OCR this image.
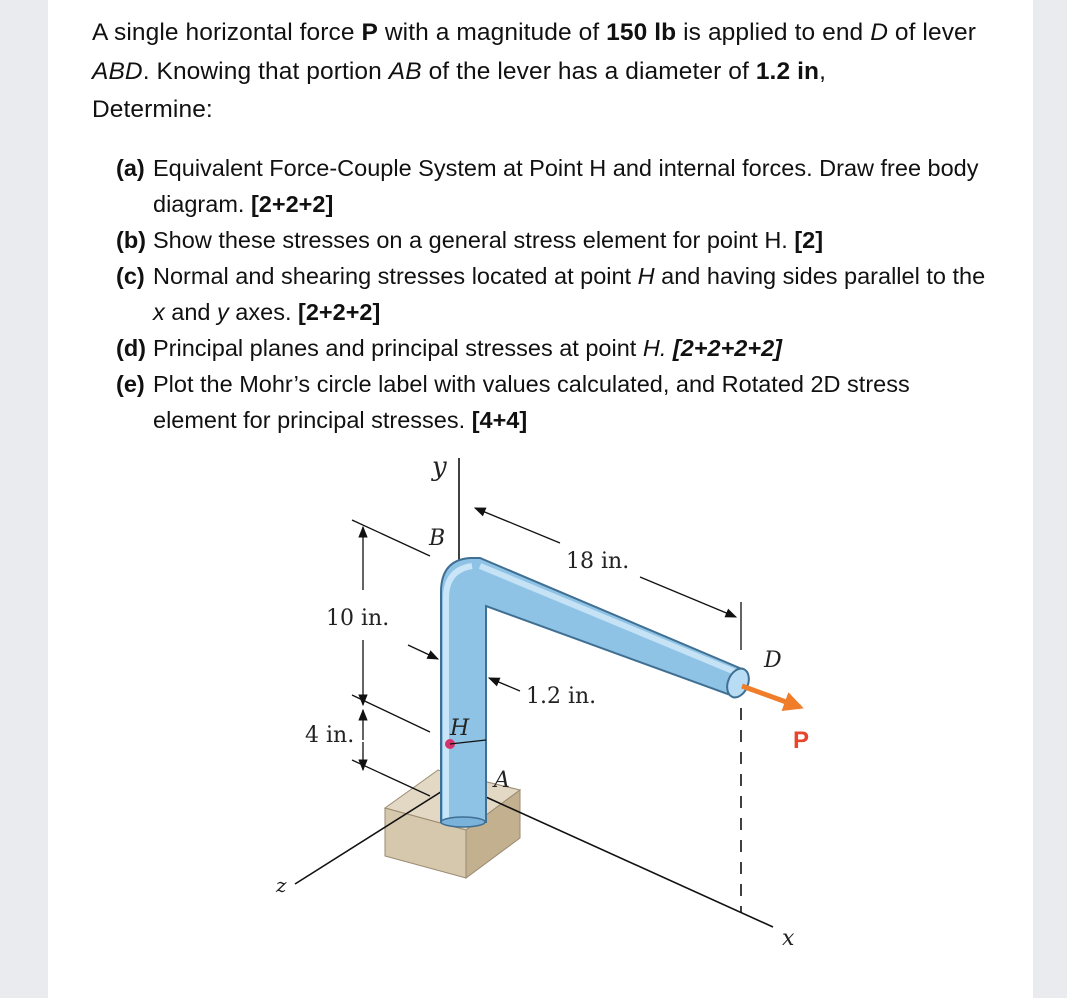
A single horizontal force P with a magnitude of 150 lb is applied to end D of lever ABD. Knowing that portion AB of the lever has a diameter of 1.2 in,
Determine:

(a) Equivalent Force-Couple System at Point H and internal forces. Draw free body diagram. [2+2+2]
(b) Show these stresses on a general stress element for point H. [2]
(c) Normal and shearing stresses located at point H and having sides parallel to the x and y axes. [2+2+2]
(d) Principal planes and principal stresses at point H. [2+2+2+2]
(e) Plot the Mohr’s circle label with values calculated, and Rotated 2D stress element for principal stresses. [4+4]
y
B
18 in.
10 in.
D
1.2 in.
H	P
4 in.
A
z
x
